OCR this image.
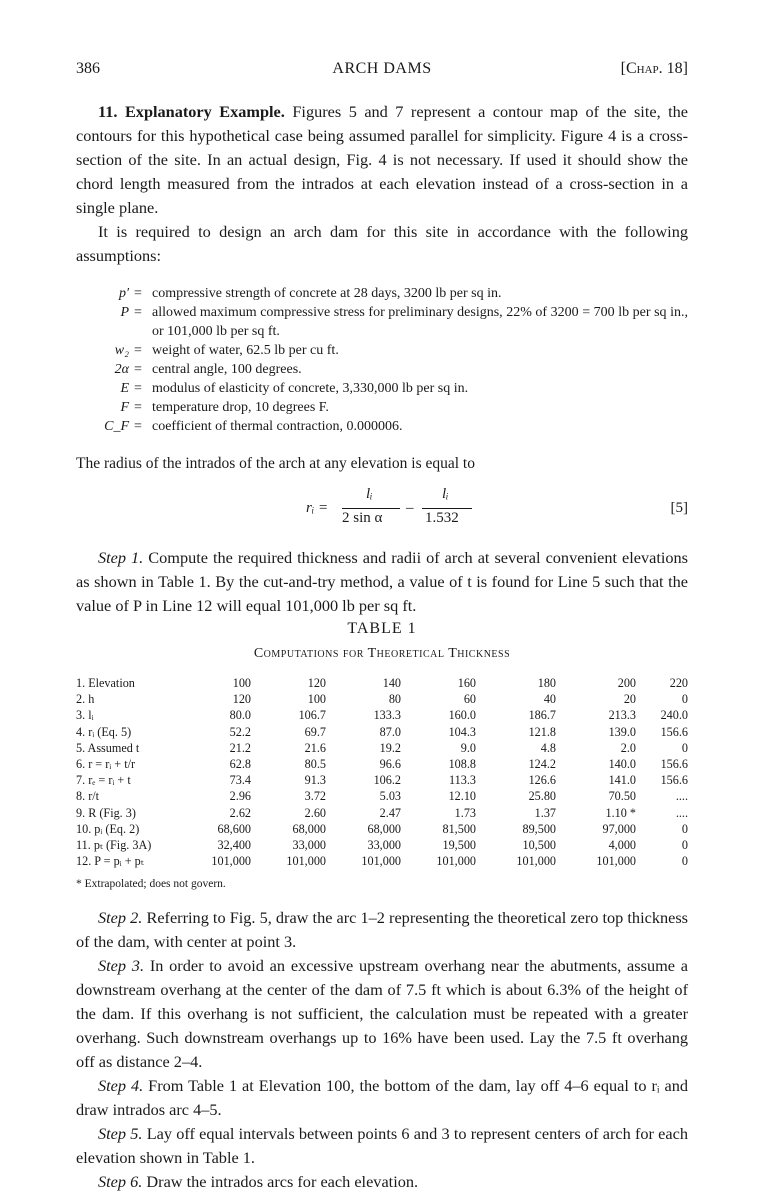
386	ARCH DAMS	[Chap. 18]

11. Explanatory Example. Figures 5 and 7 represent a contour map of the site, the contours for this hypothetical case being assumed parallel for simplicity. Figure 4 is a cross-section of the site. In an actual design, Fig. 4 is not necessary. If used it should show the chord length measured from the intrados at each elevation instead of a cross-section in a single plane.

It is required to design an arch dam for this site in accordance with the following assumptions:

p′ = compressive strength of concrete at 28 days, 3200 lb per sq in.
P = allowed maximum compressive stress for preliminary designs, 22% of 3200 = 700 lb per sq in., or 101,000 lb per sq ft.
w₂ = weight of water, 62.5 lb per cu ft.
2α = central angle, 100 degrees.
E = modulus of elasticity of concrete, 3,330,000 lb per sq in.
F = temperature drop, 10 degrees F.
C_F = coefficient of thermal contraction, 0.000006.

The radius of the intrados of the arch at any elevation is equal to

rᵢ =
lᵢ
2 sin α
–
lᵢ
1.532
[5]

Step 1. Compute the required thickness and radii of arch at several convenient elevations as shown in Table 1. By the cut-and-try method, a value of t is found for Line 5 such that the value of P in Line 12 will equal 101,000 lb per sq ft.

TABLE 1
Computations for Theoretical Thickness
1. Elevation	100	120	140	160	180	200	220
2. h	120	100	80	60	40	20	0
3. lᵢ	80.0	106.7	133.3	160.0	186.7	213.3	240.0
4. rᵢ (Eq. 5)	52.2	69.7	87.0	104.3	121.8	139.0	156.6
5. Assumed t	21.2	21.6	19.2	9.0	4.8	2.0	0
6. r = rᵢ + t/r	62.8	80.5	96.6	108.8	124.2	140.0	156.6
7. rₑ = rᵢ + t	73.4	91.3	106.2	113.3	126.6	141.0	156.6
8. r/t	2.96	3.72	5.03	12.10	25.80	70.50	....
9. R (Fig. 3)	2.62	2.60	2.47	1.73	1.37	1.10 *	....
10. pᵢ (Eq. 2)	68,600	68,000	68,000	81,500	89,500	97,000	0
11. pₜ (Fig. 3A)	32,400	33,000	33,000	19,500	10,500	4,000	0
12. P = pᵢ + pₜ	101,000	101,000	101,000	101,000	101,000	101,000	0
* Extrapolated; does not govern.

Step 2. Referring to Fig. 5, draw the arc 1–2 representing the theoretical zero top thickness of the dam, with center at point 3.

Step 3. In order to avoid an excessive upstream overhang near the abutments, assume a downstream overhang at the center of the dam of 7.5 ft which is about 6.3% of the height of the dam. If this overhang is not sufficient, the calculation must be repeated with a greater overhang. Such downstream overhangs up to 16% have been used. Lay the 7.5 ft overhang off as distance 2–4.

Step 4. From Table 1 at Elevation 100, the bottom of the dam, lay off 4–6 equal to rᵢ and draw intrados arc 4–5.

Step 5. Lay off equal intervals between points 6 and 3 to represent centers of arch for each elevation shown in Table 1.

Step 6. Draw the intrados arcs for each elevation.
